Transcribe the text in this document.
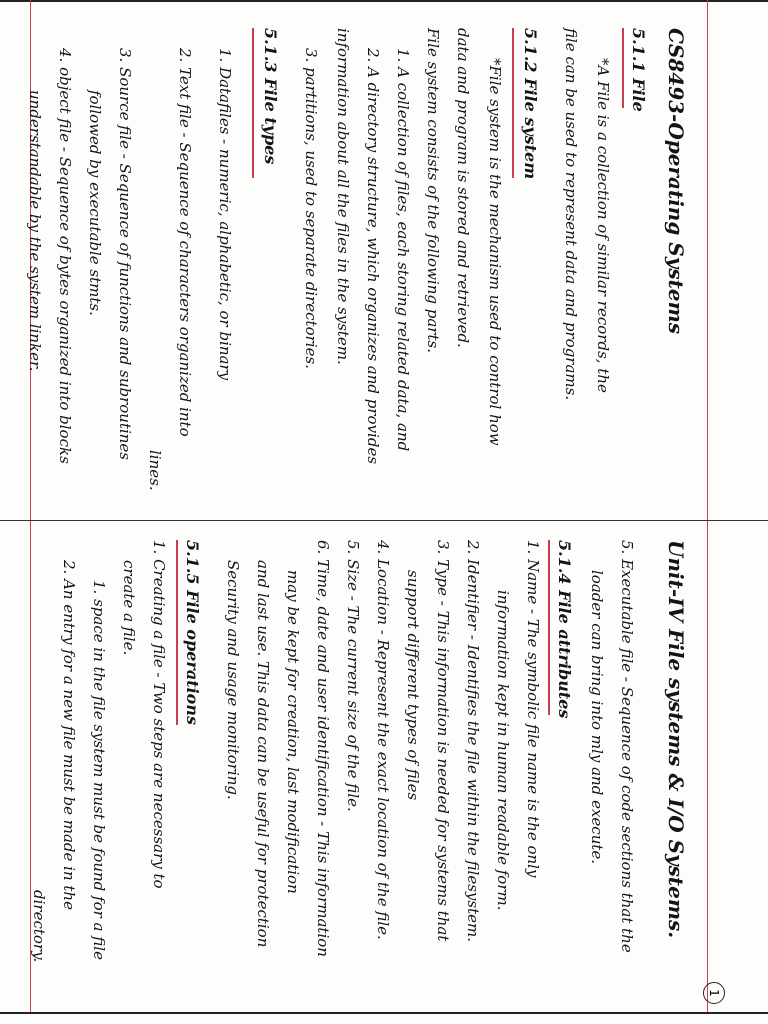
CS8493-Operating Systems
5.1.1 File
*A File is a collection of similar records, the
file can be used to represent data and programs.
5.1.2 File system
*File system is the mechanism used to control how
data and program is stored and retrieved.
File system consists of the following parts.
1. A collection of files, each storing related data, and
2. A directory structure, which organizes and provides
information about all the files in the system.
3. partitions, used to separate directories.
5.1.3 File types
1. Datafiles - numeric, alphabetic, or binary
2. Text file - Sequence of characters organized into
lines.
3. Source file - Sequence of functions and subroutines
followed by executable stmts.
4. object file - Sequence of bytes organized into blocks
understandable by the system linker.
Unit-IV File systems & I/O Systems.
5. Executable file - Sequence of code sections that the
loader can bring into mly and execute.
5.1.4 File attributes
1. Name - The symbolic file name is the only
information kept in human readable form.
2. Identifier - Identifies the file within the filesystem.
3. Type - This information is needed for systems that
support different types of files
4. Location - Represent the exact location of the file.
5. Size - The current size of the file.
6. Time, date and user identification - This information
may be kept for creation, last modification
and last use. This data can be useful for protection
Security and usage monitoring.
5.1.5 File operations
1. Creating a file - Two steps are necessary to
create a file.
1. space in the file system must be found for a file
2. An entry for a new file must be made in the
directory.
1
